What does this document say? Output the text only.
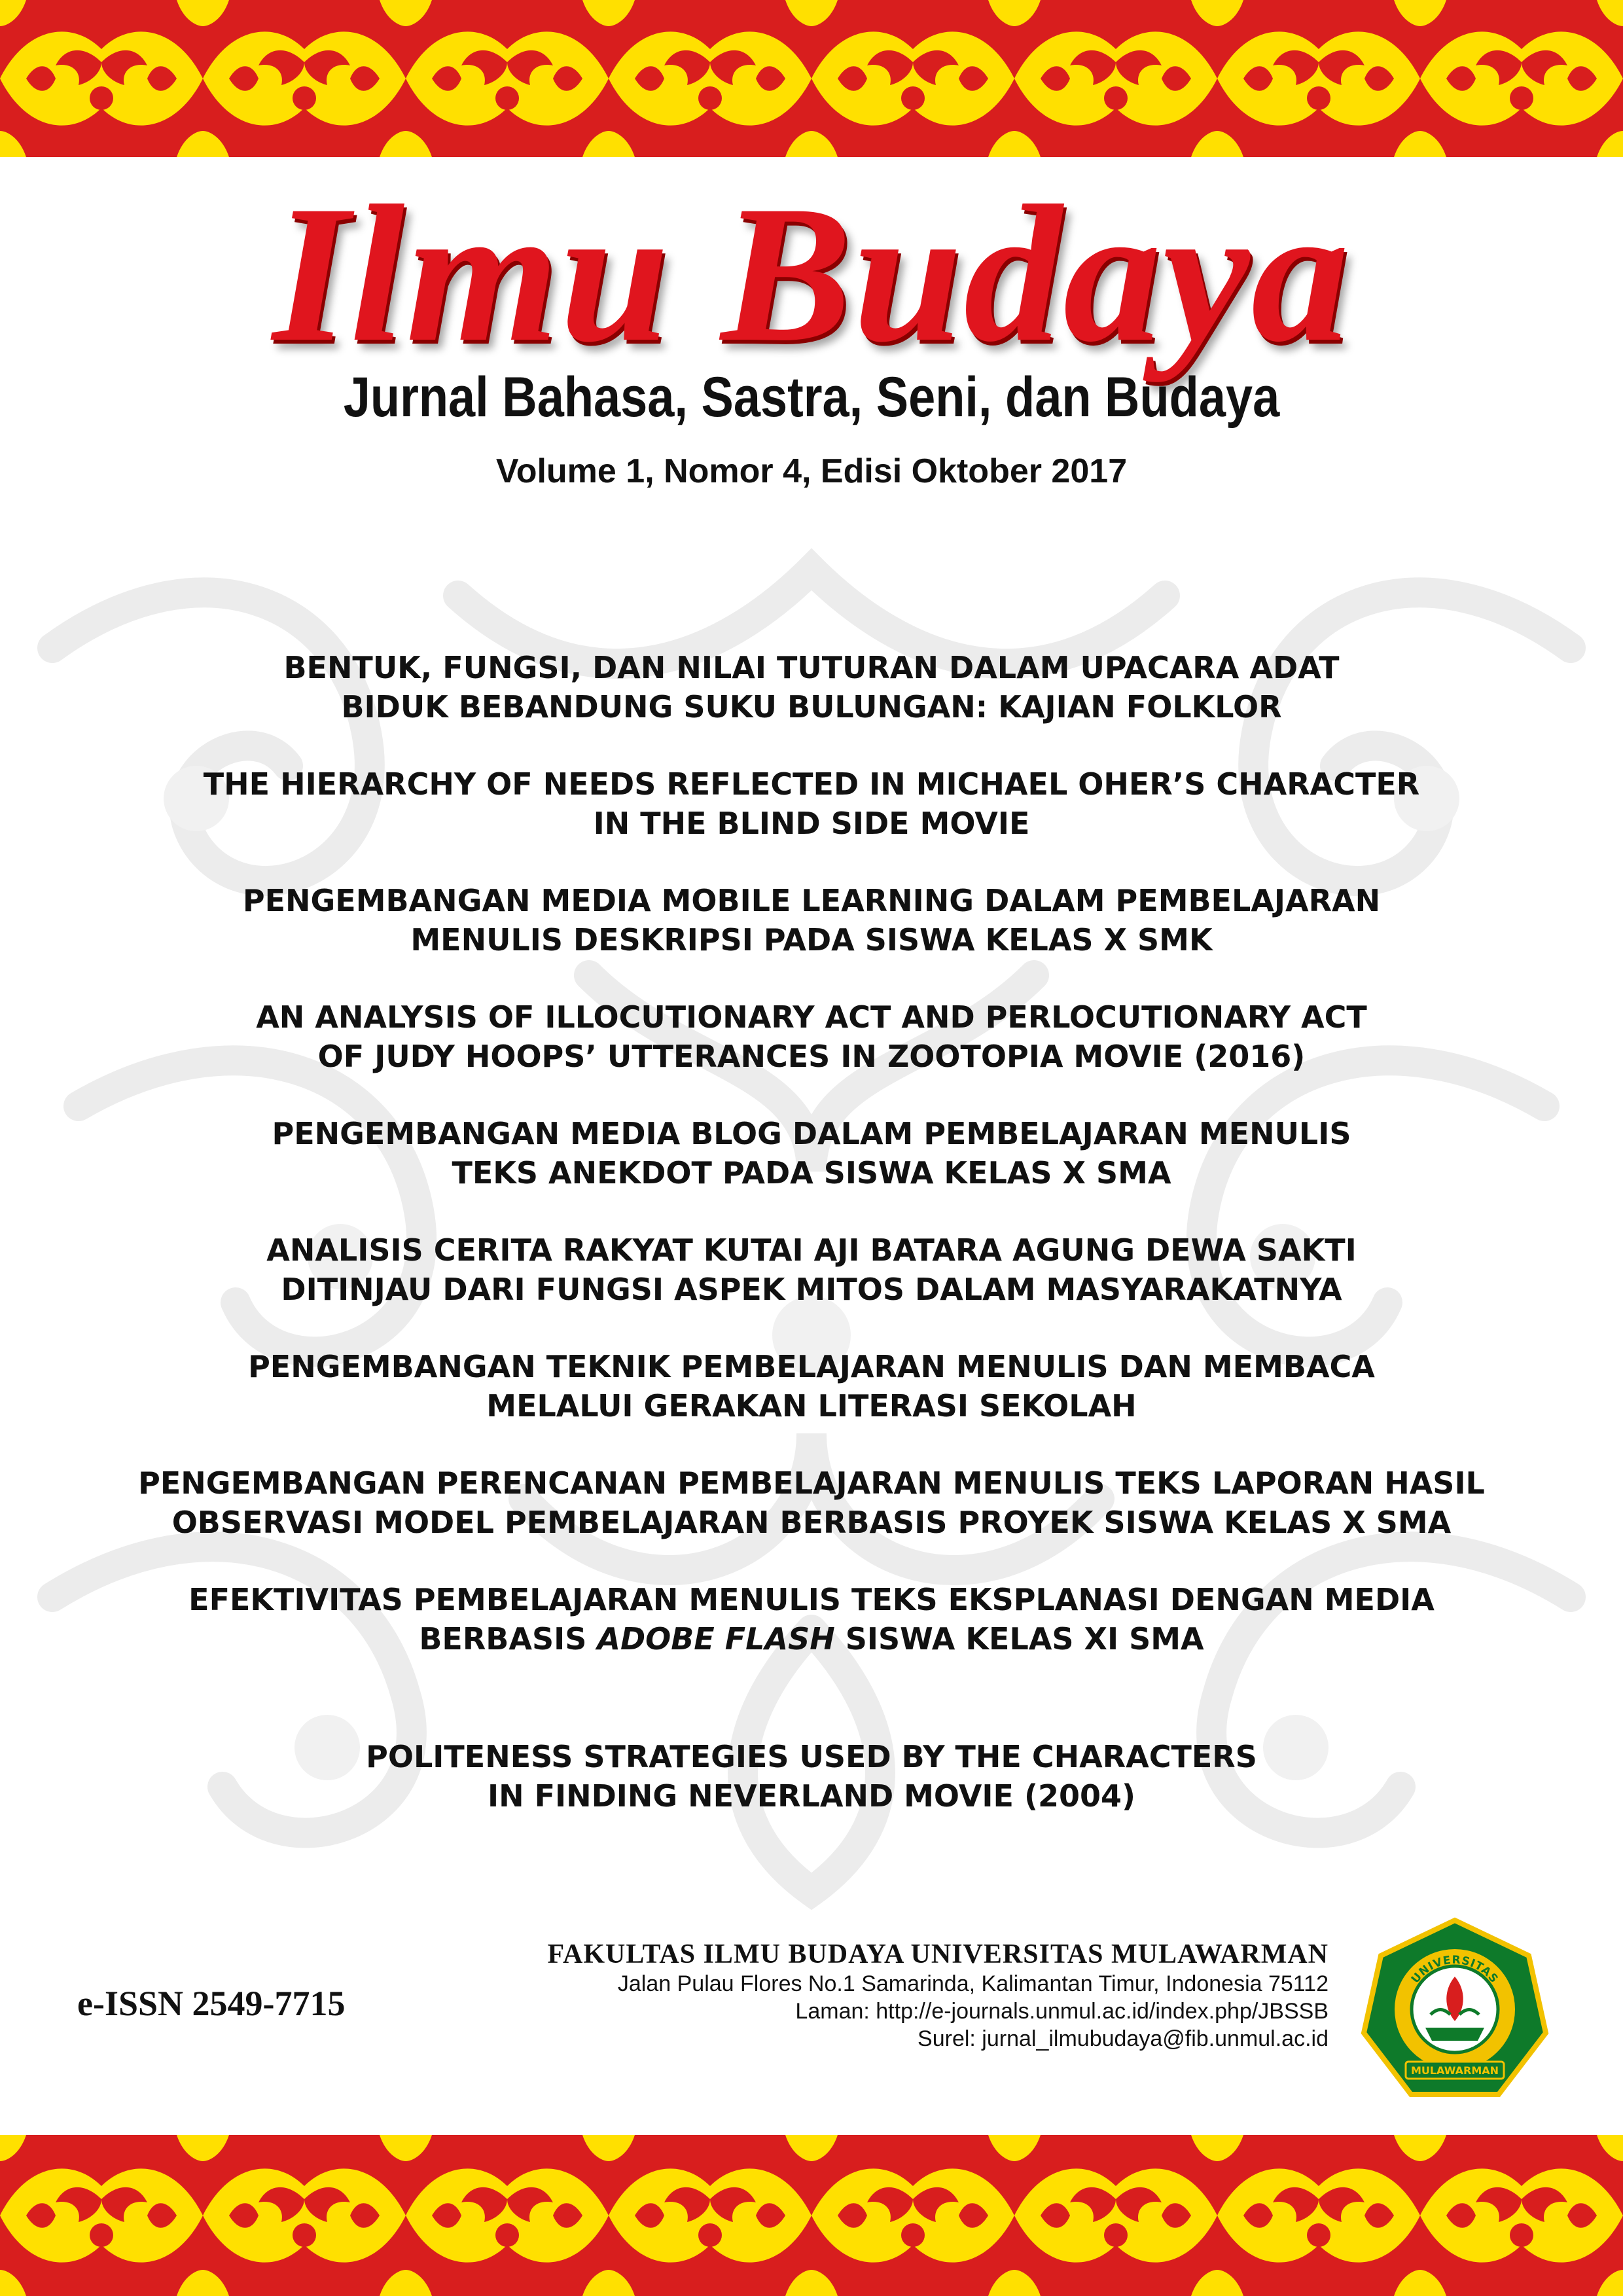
Ilmu Budaya
Jurnal Bahasa, Sastra, Seni, dan Budaya
Volume 1, Nomor 4, Edisi Oktober 2017
BENTUK, FUNGSI, DAN NILAI TUTURAN DALAM UPACARA ADAT
BIDUK BEBANDUNG SUKU BULUNGAN: KAJIAN FOLKLOR
THE HIERARCHY OF NEEDS REFLECTED IN MICHAEL OHER’S CHARACTER
IN THE BLIND SIDE MOVIE
PENGEMBANGAN MEDIA MOBILE LEARNING DALAM PEMBELAJARAN
MENULIS DESKRIPSI PADA SISWA KELAS X SMK
AN ANALYSIS OF ILLOCUTIONARY ACT AND PERLOCUTIONARY ACT
OF JUDY HOOPS’ UTTERANCES IN ZOOTOPIA MOVIE (2016)
PENGEMBANGAN MEDIA BLOG DALAM PEMBELAJARAN MENULIS
TEKS ANEKDOT PADA SISWA KELAS X SMA
ANALISIS CERITA RAKYAT KUTAI AJI BATARA AGUNG DEWA SAKTI
DITINJAU DARI FUNGSI ASPEK MITOS DALAM MASYARAKATNYA
PENGEMBANGAN TEKNIK PEMBELAJARAN MENULIS DAN MEMBACA
MELALUI GERAKAN LITERASI SEKOLAH
PENGEMBANGAN PERENCANAN PEMBELAJARAN MENULIS TEKS LAPORAN HASIL
OBSERVASI MODEL PEMBELAJARAN BERBASIS PROYEK SISWA KELAS X SMA
EFEKTIVITAS PEMBELAJARAN MENULIS TEKS EKSPLANASI DENGAN MEDIA
BERBASIS ADOBE FLASH SISWA KELAS XI SMA
POLITENESS STRATEGIES USED BY THE CHARACTERS
IN FINDING NEVERLAND MOVIE (2004)
e-ISSN 2549-7715
FAKULTAS ILMU BUDAYA UNIVERSITAS MULAWARMAN
Jalan Pulau Flores No.1 Samarinda, Kalimantan Timur, Indonesia 75112
Laman: http://e-journals.unmul.ac.id/index.php/JBSSB
Surel: jurnal_ilmubudaya@fib.unmul.ac.id
UNIVERSITAS
MULAWARMAN
